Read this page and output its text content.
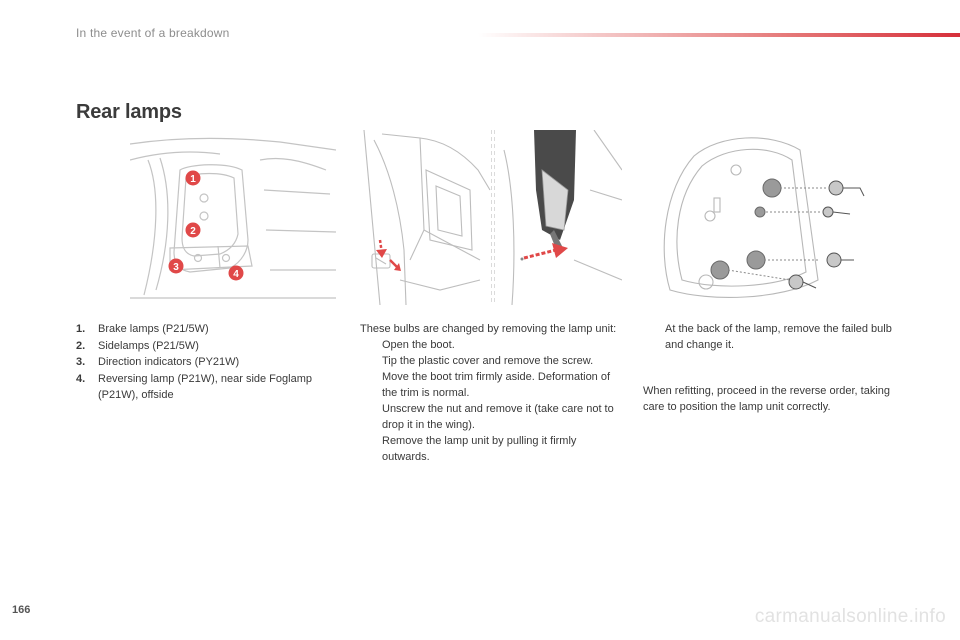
In the event of a breakdown
Rear lamps
1
2
3
4
1.	Brake lamps (P21/5W)
2.	Sidelamps (P21/5W)
3.	Direction indicators (PY21W)
4.	Reversing lamp (P21W), near side Foglamp (P21W), offside

These bulbs are changed by removing the lamp unit:

Open the boot.
Tip the plastic cover and remove the screw.
Move the boot trim firmly aside. Deformation of the trim is normal.
Unscrew the nut and remove it (take care not to drop it in the wing).
Remove the lamp unit by pulling it firmly outwards.
At the back of the lamp, remove the failed bulb and change it.

When refitting, proceed in the reverse order, taking care to position the lamp unit correctly.

166	carmanualsonline.info
